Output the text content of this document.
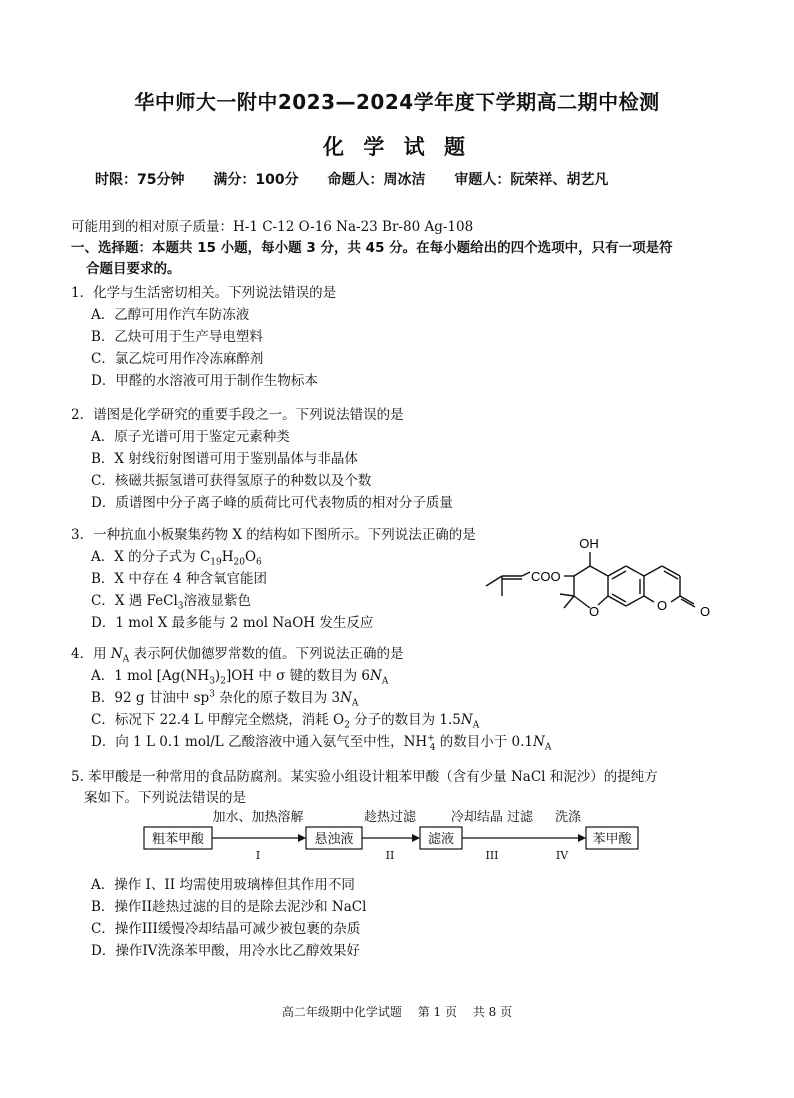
华中师大一附中2023—2024学年度下学期高二期中检测
化 学 试 题
时限：75分钟 满分：100分 命题人：周冰洁 审题人：阮荣祥、胡艺凡
可能用到的相对原子质量：H-1 C-12 O-16 Na-23 Br-80 Ag-108
一、选择题：本题共 15 小题，每小题 3 分，共 45 分。在每小题给出的四个选项中，只有一项是符
合题目要求的。
1．化学与生活密切相关。下列说法错误的是
A．乙醇可用作汽车防冻液
B．乙炔可用于生产导电塑料
C．氯乙烷可用作冷冻麻醉剂
D．甲醛的水溶液可用于制作生物标本
2．谱图是化学研究的重要手段之一。下列说法错误的是
A．原子光谱可用于鉴定元素种类
B．X 射线衍射图谱可用于鉴别晶体与非晶体
C．核磁共振氢谱可获得氢原子的种数以及个数
D．质谱图中分子离子峰的质荷比可代表物质的相对分子质量
3．一种抗血小板聚集药物 X 的结构如下图所示。下列说法正确的是
A．X 的分子式为 $C_{19}H_{20}O_6$
B．X 中存在 4 种含氧官能团
C．X 遇 FeCl$_3$溶液显紫色
D．1 mol X 最多能与 2 mol NaOH 发生反应
OH
COO
O	O	O
4．用 $N_A$ 表示阿伏伽德罗常数的值。下列说法正确的是
A．1 mol $[Ag(NH_3)_2]OH$ 中 σ 键的数目为 $6N_A$
B．92 g 甘油中 $sp^3$ 杂化的原子数目为 $3N_A$
C．标况下 22.4 L 甲醇完全燃烧，消耗 $O_2$ 分子的数目为 $1.5N_A$
D．向 1 L 0.1 mol/L 乙酸溶液中通入氨气至中性，$NH^+_4$ 的数目小于 $0.1N_A$
5. 苯甲酸是一种常用的食品防腐剂。某实验小组设计粗苯甲酸（含有少量 NaCl 和泥沙）的提纯方
案如下。下列说法错误的是
粗苯甲酸	悬浊液	滤液	苯甲酸
加水、加热溶解	趁热过滤	冷却结晶 过滤 洗涤
I	II	III	IV
A．操作 I、II 均需使用玻璃棒但其作用不同
B．操作II趁热过滤的目的是除去泥沙和 NaCl
C．操作III缓慢冷却结晶可减少被包裹的杂质
D．操作IV洗涤苯甲酸，用冷水比乙醇效果好
高二年级期中化学试题 第 1 页 共 8 页
